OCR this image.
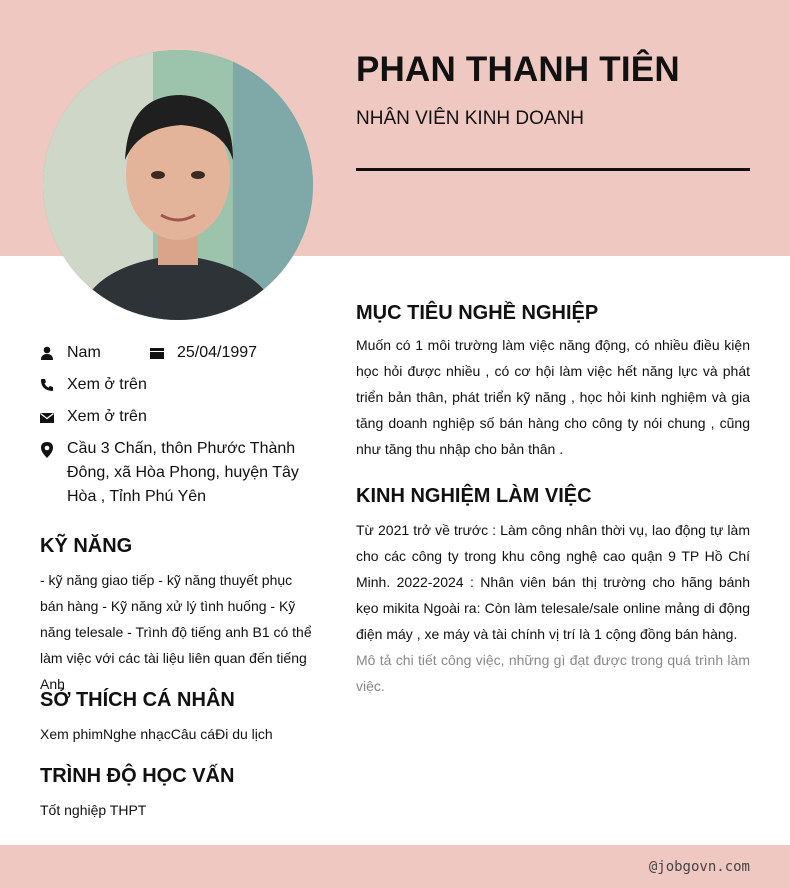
PHAN THANH TIÊN
NHÂN VIÊN KINH DOANH
Nam	25/04/1997
Xem ở trên
Xem ở trên
Cầu 3 Chấn, thôn Phước Thành Đông, xã Hòa Phong, huyện Tây Hòa , Tỉnh Phú Yên
KỸ NĂNG

- kỹ năng giao tiếp - kỹ năng thuyết phục bán hàng - Kỹ năng xử lý tình huống - Kỹ năng telesale - Trình độ tiếng anh B1 có thể làm việc với các tài liệu liên quan đến tiếng Anh

SỞ THÍCH CÁ NHÂN

Xem phimNghe nhạcCâu cáĐi du lịch

TRÌNH ĐỘ HỌC VẤN

Tốt nghiệp THPT

MỤC TIÊU NGHỀ NGHIỆP

Muốn có 1 môi trường làm việc năng động, có nhiều điều kiện học hỏi được nhiều , có cơ hội làm việc hết năng lực và phát triển bản thân, phát triển kỹ năng , học hỏi kinh nghiệm và gia tăng doanh nghiệp số bán hàng cho công ty nói chung , cũng như tăng thu nhập cho bản thân .

KINH NGHIỆM LÀM VIỆC

Từ 2021 trở về trước : Làm công nhân thời vụ, lao động tự làm cho các công ty trong khu công nghệ cao quận 9 TP Hồ Chí Minh. 2022-2024 : Nhân viên bán thị trường cho hãng bánh kẹo mikita Ngoài ra: Còn làm telesale/sale online mảng di động điện máy , xe máy và tài chính vị trí là 1 cộng đồng bán hàng.

Mô tả chi tiết công việc, những gì đạt được trong quá trình làm việc.

@jobgovn.com
